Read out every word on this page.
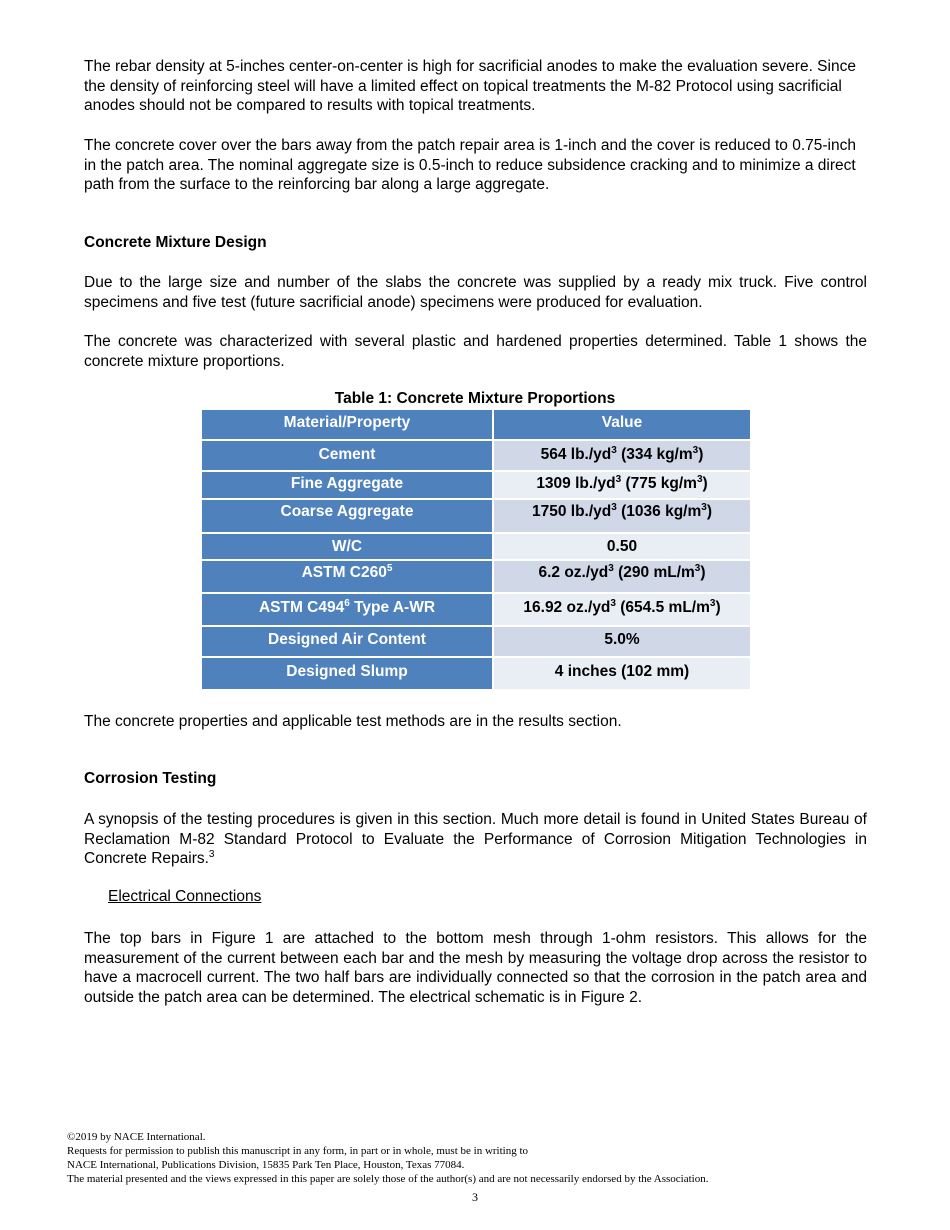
The rebar density at 5-inches center-on-center is high for sacrificial anodes to make the evaluation severe. Since the density of reinforcing steel will have a limited effect on topical treatments the M-82 Protocol using sacrificial anodes should not be compared to results with topical treatments.

The concrete cover over the bars away from the patch repair area is 1-inch and the cover is reduced to 0.75-inch in the patch area. The nominal aggregate size is 0.5-inch to reduce subsidence cracking and to minimize a direct path from the surface to the reinforcing bar along a large aggregate.

Concrete Mixture Design

Due to the large size and number of the slabs the concrete was supplied by a ready mix truck. Five control specimens and five test (future sacrificial anode) specimens were produced for evaluation.

The concrete was characterized with several plastic and hardened properties determined. Table 1 shows the concrete mixture proportions.

Table 1: Concrete Mixture Proportions

Material/Property	Value
Cement	564 $lb./yd^3$ (334 $kg/m^3$)
Fine Aggregate	1309 $lb./yd^3$ (775 $kg/m^3$)
Coarse Aggregate	1750 $lb./yd^3$ (1036 $kg/m^3$)
W/C	0.50
ASTM $C260^5$	6.2 $oz./yd^3$ (290 $mL/m^3$)
ASTM $C494^6$ Type A-WR	16.92 $oz./yd^3$ (654.5 $mL/m^3$)
Designed Air Content	5.0%
Designed Slump	4 inches (102 mm)

The concrete properties and applicable test methods are in the results section.

Corrosion Testing

A synopsis of the testing procedures is given in this section. Much more detail is found in United States Bureau of Reclamation M-82 Standard Protocol to Evaluate the Performance of Corrosion Mitigation Technologies in Concrete Repairs.$^3$

Electrical Connections

The top bars in Figure 1 are attached to the bottom mesh through 1-ohm resistors. This allows for the measurement of the current between each bar and the mesh by measuring the voltage drop across the resistor to have a macrocell current. The two half bars are individually connected so that the corrosion in the patch area and outside the patch area can be determined. The electrical schematic is in Figure 2.

©2019 by NACE International.
Requests for permission to publish this manuscript in any form, in part or in whole, must be in writing to
NACE International, Publications Division, 15835 Park Ten Place, Houston, Texas 77084.
The material presented and the views expressed in this paper are solely those of the author(s) and are not necessarily endorsed by the Association.

3
